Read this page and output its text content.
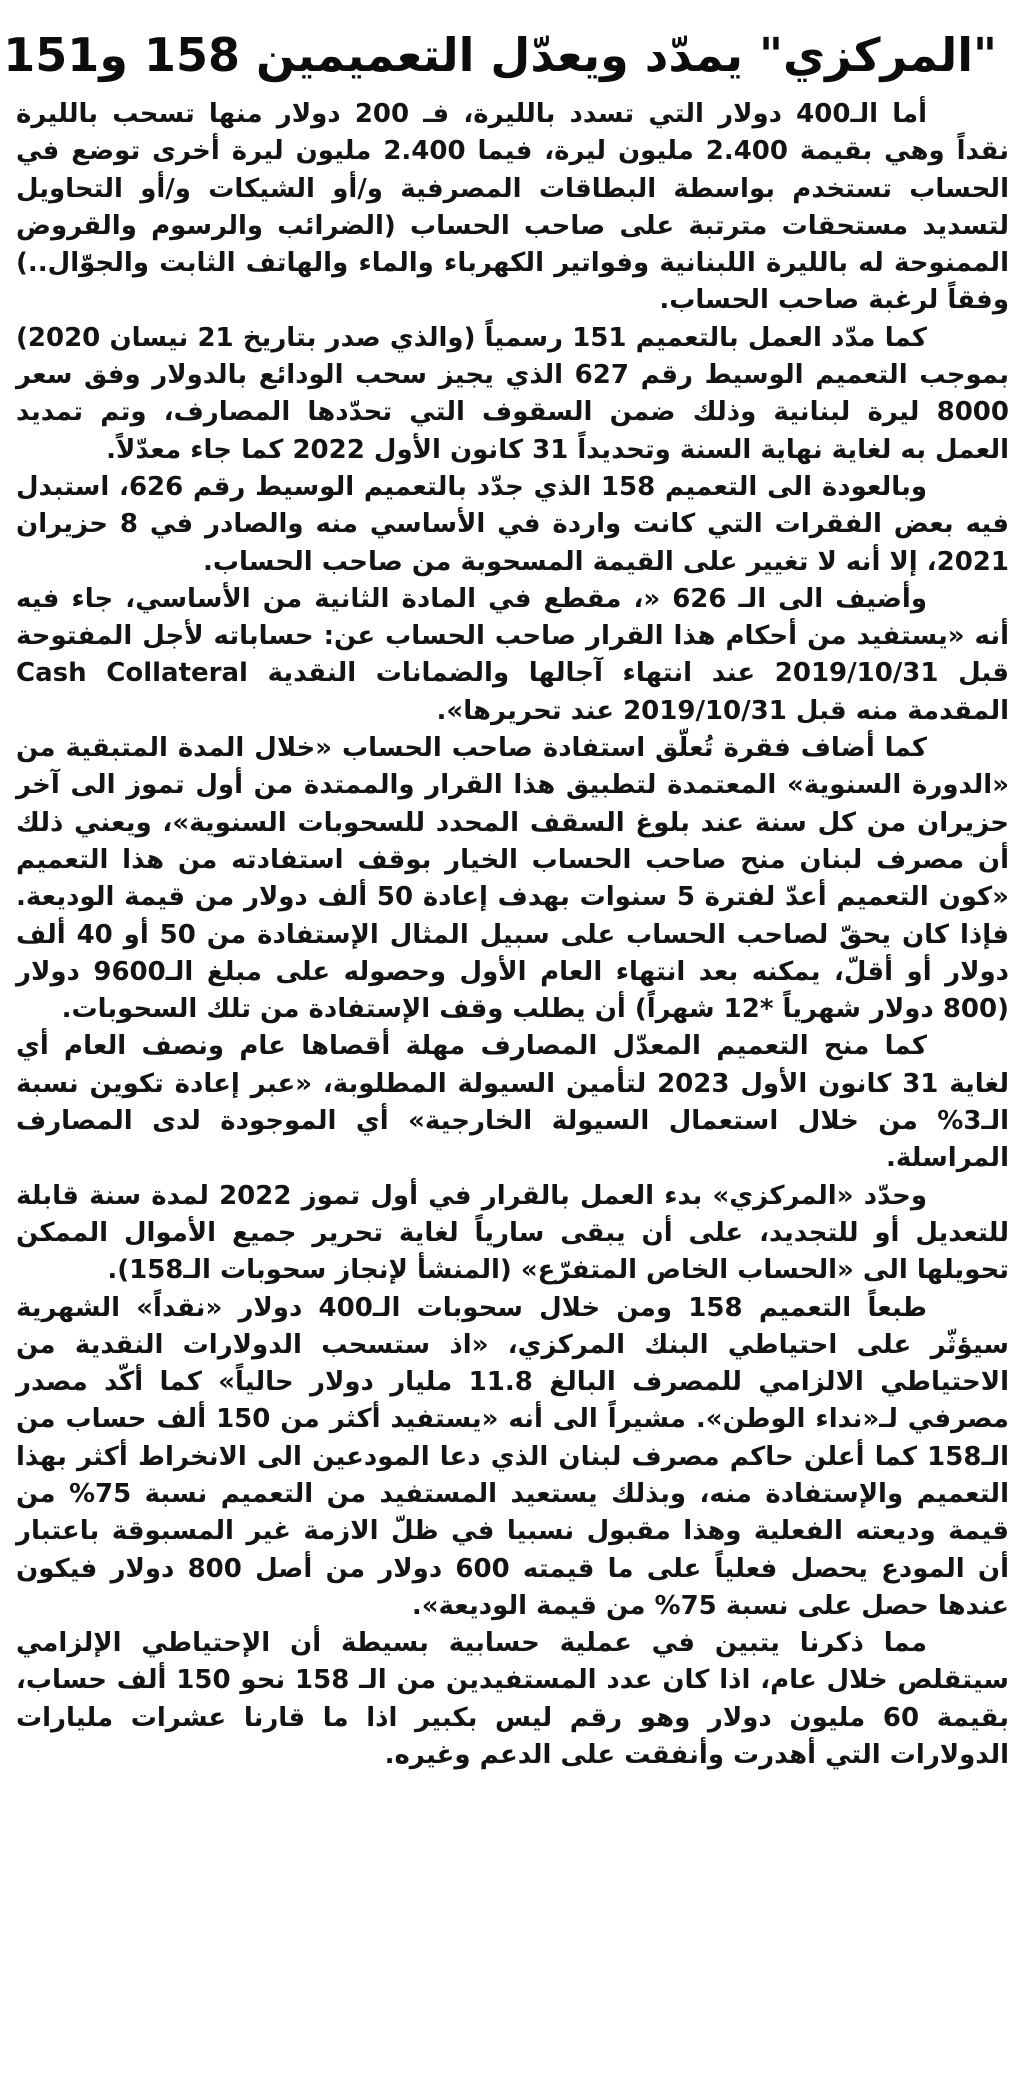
"المركزي" يمدّد ويعدّل التعميمين 158 و151

أما الـ400 دولار التي تسدد بالليرة، فـ 200 دولار منها تسحب بالليرة نقداً وهي بقيمة 2.400 مليون ليرة، فيما 2.400 مليون ليرة أخرى توضع في الحساب تستخدم بواسطة البطاقات المصرفية و/أو الشيكات و/أو التحاويل لتسديد مستحقات مترتبة على صاحب الحساب (الضرائب والرسوم والقروض الممنوحة له بالليرة اللبنانية وفواتير الكهرباء والماء والهاتف الثابت والجوّال..) وفقاً لرغبة صاحب الحساب.

كما مدّد العمل بالتعميم 151 رسمياً (والذي صدر بتاريخ 21 نيسان 2020) بموجب التعميم الوسيط رقم 627 الذي يجيز سحب الودائع بالدولار وفق سعر 8000 ليرة لبنانية وذلك ضمن السقوف التي تحدّدها المصارف، وتم تمديد العمل به لغاية نهاية السنة وتحديداً 31 كانون الأول 2022 كما جاء معدّلاً.

وبالعودة الى التعميم 158 الذي جدّد بالتعميم الوسيط رقم 626، استبدل فيه بعض الفقرات التي كانت واردة في الأساسي منه والصادر في 8 حزيران 2021، إلا أنه لا تغيير على القيمة المسحوبة من صاحب الحساب.

وأضيف الى الـ 626 «، مقطع في المادة الثانية من الأساسي، جاء فيه أنه «يستفيد من أحكام هذا القرار صاحب الحساب عن: حساباته لأجل المفتوحة قبل 2019/10/31 عند انتهاء آجالها والضمانات النقدية Cash Collateral المقدمة منه قبل 2019/10/31 عند تحريرها».

كما أضاف فقرة تُعلّق استفادة صاحب الحساب «خلال المدة المتبقية من «الدورة السنوية» المعتمدة لتطبيق هذا القرار والممتدة من أول تموز الى آخر حزيران من كل سنة عند بلوغ السقف المحدد للسحوبات السنوية»، ويعني ذلك أن مصرف لبنان منح صاحب الحساب الخيار بوقف استفادته من هذا التعميم «كون التعميم أعدّ لفترة 5 سنوات بهدف إعادة 50 ألف دولار من قيمة الوديعة. فإذا كان يحقّ لصاحب الحساب على سبيل المثال الإستفادة من 50 أو 40 ألف دولار أو أقلّ، يمكنه بعد انتهاء العام الأول وحصوله على مبلغ الـ9600 دولار (800 دولار شهرياً *12 شهراً) أن يطلب وقف الإستفادة من تلك السحوبات.

كما منح التعميم المعدّل المصارف مهلة أقصاها عام ونصف العام أي لغاية 31 كانون الأول 2023 لتأمين السيولة المطلوبة، «عبر إعادة تكوين نسبة الـ3% من خلال استعمال السيولة الخارجية» أي الموجودة لدى المصارف المراسلة.

وحدّد «المركزي» بدء العمل بالقرار في أول تموز 2022 لمدة سنة قابلة للتعديل أو للتجديد، على أن يبقى سارياً لغاية تحرير جميع الأموال الممكن تحويلها الى «الحساب الخاص المتفرّع» (المنشأ لإنجاز سحوبات الـ158).

طبعاً التعميم 158 ومن خلال سحوبات الـ400 دولار «نقداً» الشهرية سيؤثّر على احتياطي البنك المركزي، «اذ ستسحب الدولارات النقدية من الاحتياطي الالزامي للمصرف البالغ 11.8 مليار دولار حالياً» كما أكّد مصدر مصرفي لـ«نداء الوطن». مشيراً الى أنه «يستفيد أكثر من 150 ألف حساب من الـ158 كما أعلن حاكم مصرف لبنان الذي دعا المودعين الى الانخراط أكثر بهذا التعميم والإستفادة منه، وبذلك يستعيد المستفيد من التعميم نسبة 75% من قيمة وديعته الفعلية وهذا مقبول نسبيا في ظلّ الازمة غير المسبوقة باعتبار أن المودع يحصل فعلياً على ما قيمته 600 دولار من أصل 800 دولار فيكون عندها حصل على نسبة 75% من قيمة الوديعة».

مما ذكرنا يتبين في عملية حسابية بسيطة أن الإحتياطي الإلزامي سيتقلص خلال عام، اذا كان عدد المستفيدين من الـ 158 نحو 150 ألف حساب، بقيمة 60 مليون دولار وهو رقم ليس بكبير اذا ما قارنا عشرات مليارات الدولارات التي أهدرت وأنفقت على الدعم وغيره.
